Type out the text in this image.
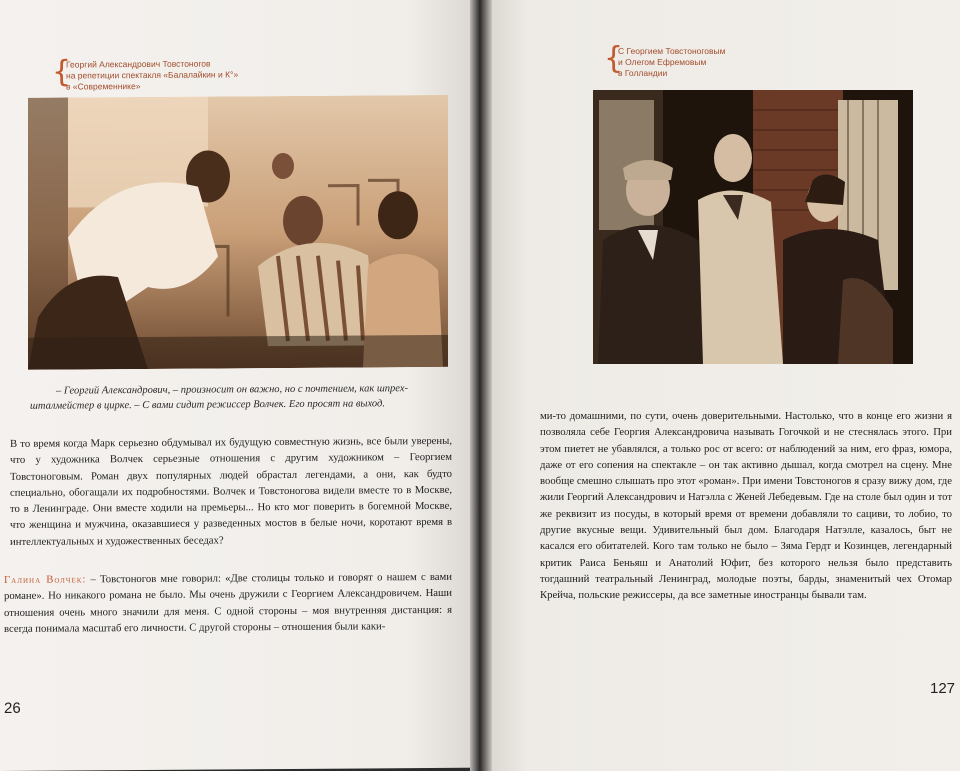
{
Георгий Александрович Товстоногов
на репетиции спектакля «Балалайкин и К°»
в «Современнике»
– Георгий Александрович, – произносит он важно, но с почтением, как шпрех-шталмейстер в цирке. – С вами сидит режиссер Волчек. Его просят на выход.
В то время когда Марк серьезно обдумывал их будущую совместную жизнь, все были уверены, что у художника Волчек серьезные отношения с другим художником – Георгием Товстоноговым. Роман двух популярных людей обрастал легендами, а они, как будто специально, обогащали их подробностями. Волчек и Товстоногова видели вместе то в Москве, то в Ленинграде. Они вместе ходили на премьеры... Но кто мог поверить в богемной Москве, что женщина и мужчина, оказавшиеся у разведенных мостов в белые ночи, коротают время в интеллектуальных и художественных беседах?
Галина Волчек: – Товстоногов мне говорил: «Две столицы только и говорят о нашем с вами романе». Но никакого романа не было. Мы очень дружили с Георгием Александровичем. Наши отношения очень много значили для меня. С одной стороны – моя внутренняя дистанция: я всегда понимала масштаб его личности. С другой стороны – отношения были каки-
26
{
С Георгием Товстоноговым
и Олегом Ефремовым
в Голландии
ми-то домашними, по сути, очень доверительными. Настолько, что в конце его жизни я позволяла себе Георгия Александровича называть Гогочкой и не стеснялась этого. При этом пиетет не убавлялся, а только рос от всего: от наблюдений за ним, его фраз, юмора, даже от его сопения на спектакле – он так активно дышал, когда смотрел на сцену. Мне вообще смешно слышать про этот «роман». При имени Товстоногов я сразу вижу дом, где жили Георгий Александрович и Натэлла с Женей Лебедевым. Где на столе был один и тот же реквизит из посуды, в который время от времени добавляли то сациви, то лобио, то другие вкусные вещи. Удивительный был дом. Благодаря Натэлле, казалось, быт не касался его обитателей. Кого там только не было – Зяма Гердт и Козинцев, легендарный критик Раиса Беньяш и Анатолий Юфит, без которого нельзя было представить тогдашний театральный Ленинград, молодые поэты, барды, знаменитый чех Отомар Крейча, польские режиссеры, да все заметные иностранцы бывали там.
127
